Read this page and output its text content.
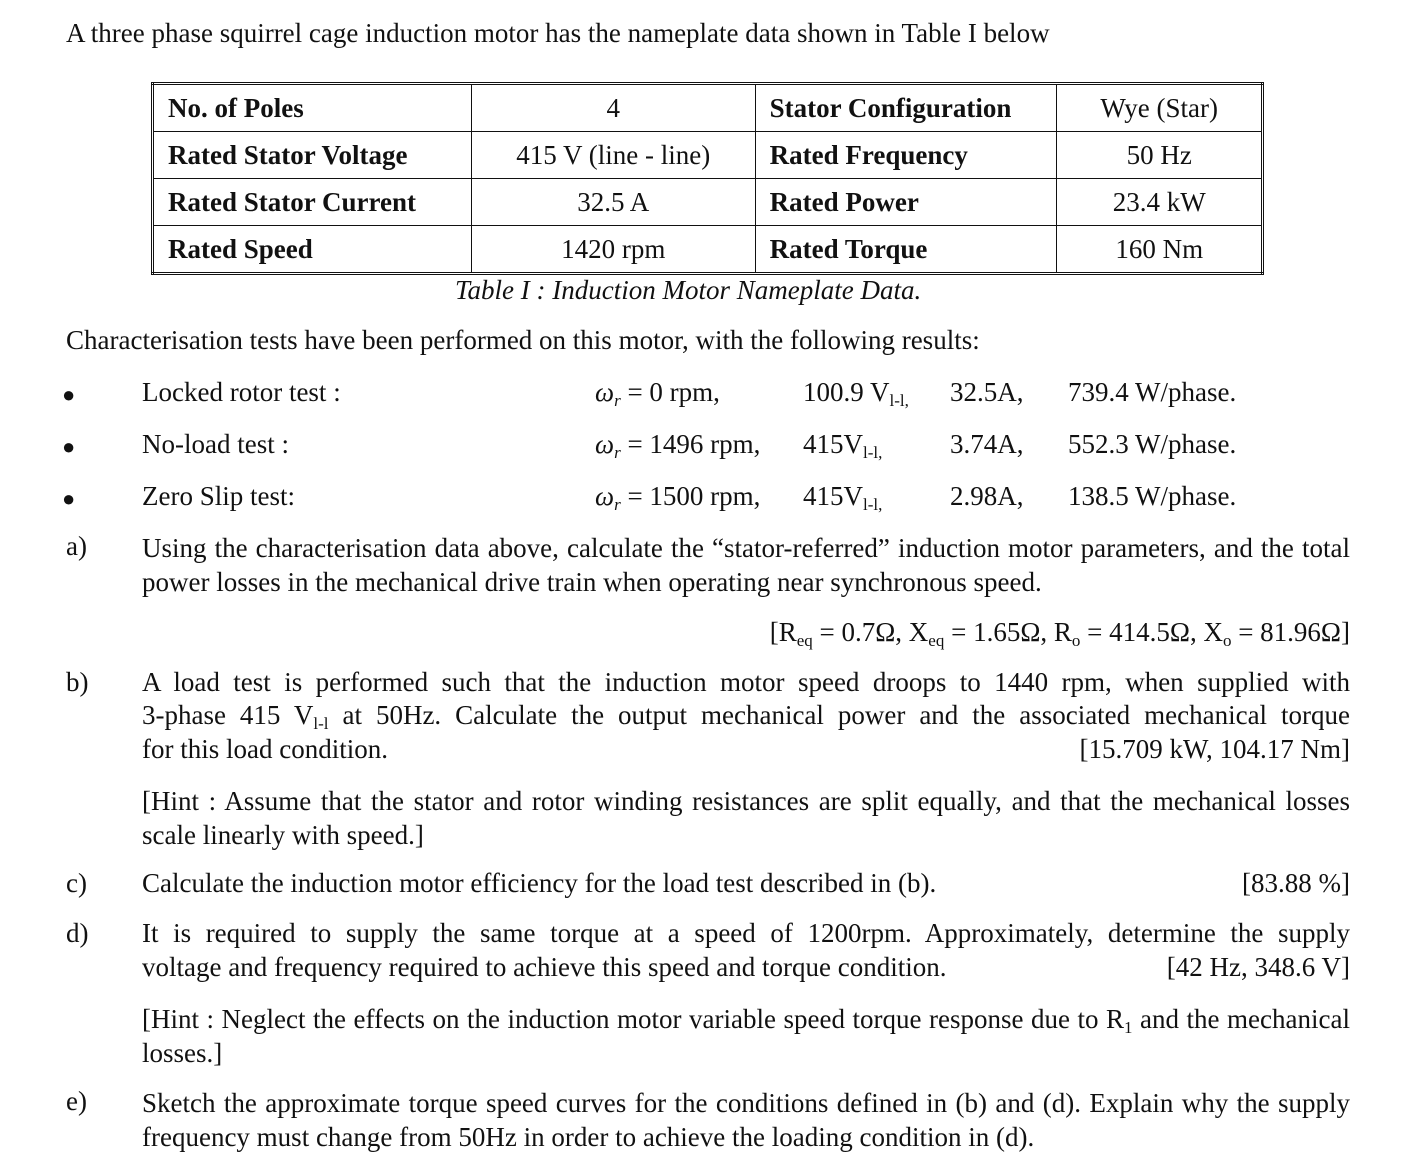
A three phase squirrel cage induction motor has the nameplate data shown in Table I below
No. of Poles	4	Stator Configuration	Wye (Star)
Rated Stator Voltage	415 V (line - line)	Rated Frequency	50 Hz
Rated Stator Current	32.5 A	Rated Power	23.4 kW
Rated Speed	1420 rpm	Rated Torque	160 Nm
Table I : Induction Motor Nameplate Data.
Characterisation tests have been performed on this motor, with the following results:
● Locked rotor test :	$\omega_r = 0$ rpm,	100.9 $V_{l-l,}$ 32.5A, 739.4 W/phase.
● No-load test :	$\omega_r = 1496$ rpm, $415V_{l-l,}$	3.74A, 552.3 W/phase.
● Zero Slip test:	$\omega_r = 1500$ rpm, $415V_{l-l,}$	2.98A, 138.5 W/phase.
a) Using the characterisation data above, calculate the “stator-referred” induction motor parameters, and the total power losses in the mechanical drive train when operating near synchronous speed.
[$R_{eq} = 0.7\Omega$, $X_{eq} = 1.65\Omega$, $R_o = 414.5\Omega$, $X_o = 81.96\Omega$]
b) A load test is performed such that the induction motor speed droops to 1440 rpm, when supplied with
3-phase 415 $V_{l-l}$ at 50Hz. Calculate the output mechanical power and the associated mechanical torque
for this load condition.	[15.709 kW, 104.17 Nm]
[Hint : Assume that the stator and rotor winding resistances are split equally, and that the mechanical losses scale linearly with speed.]
c) Calculate the induction motor efficiency for the load test described in (b).	[83.88 %]
d) It is required to supply the same torque at a speed of 1200rpm. Approximately, determine the supply
voltage and frequency required to achieve this speed and torque condition.	[42 Hz, 348.6 V]
[Hint : Neglect the effects on the induction motor variable speed torque response due to $R_1$ and the mechanical losses.]
e) Sketch the approximate torque speed curves for the conditions defined in (b) and (d). Explain why the supply frequency must change from 50Hz in order to achieve the loading condition in (d).
